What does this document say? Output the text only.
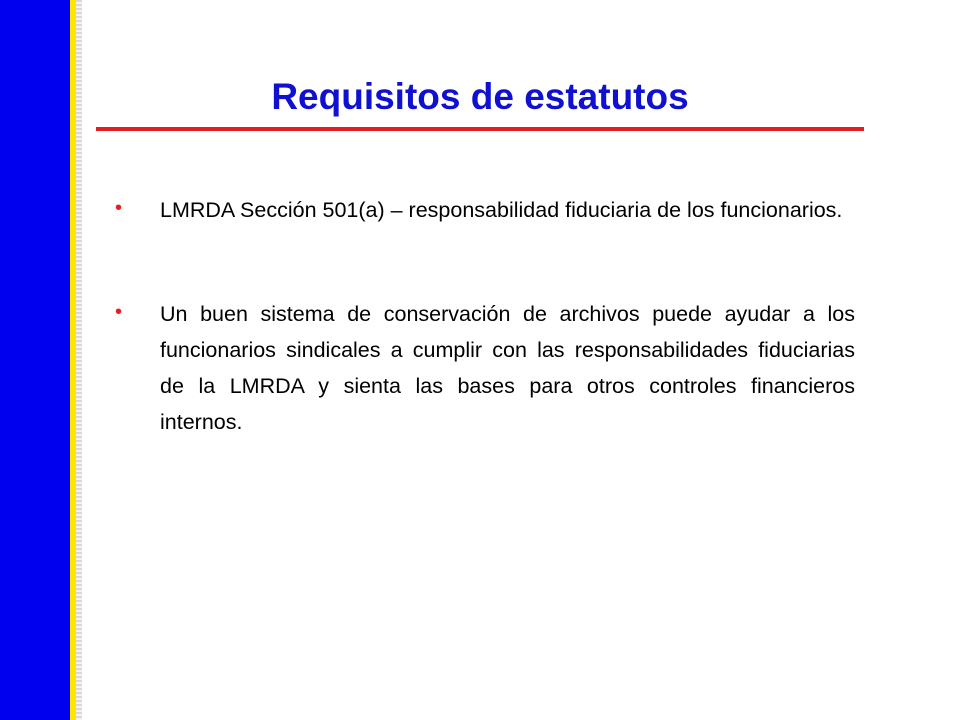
Requisitos de estatutos
• LMRDA Sección 501(a) – responsabilidad fiduciaria de los funcionarios.
• Un buen sistema de conservación de archivos puede ayudar a los funcionarios sindicales a cumplir con las responsabilidades fiduciarias de la LMRDA y sienta las bases para otros controles financieros internos.
